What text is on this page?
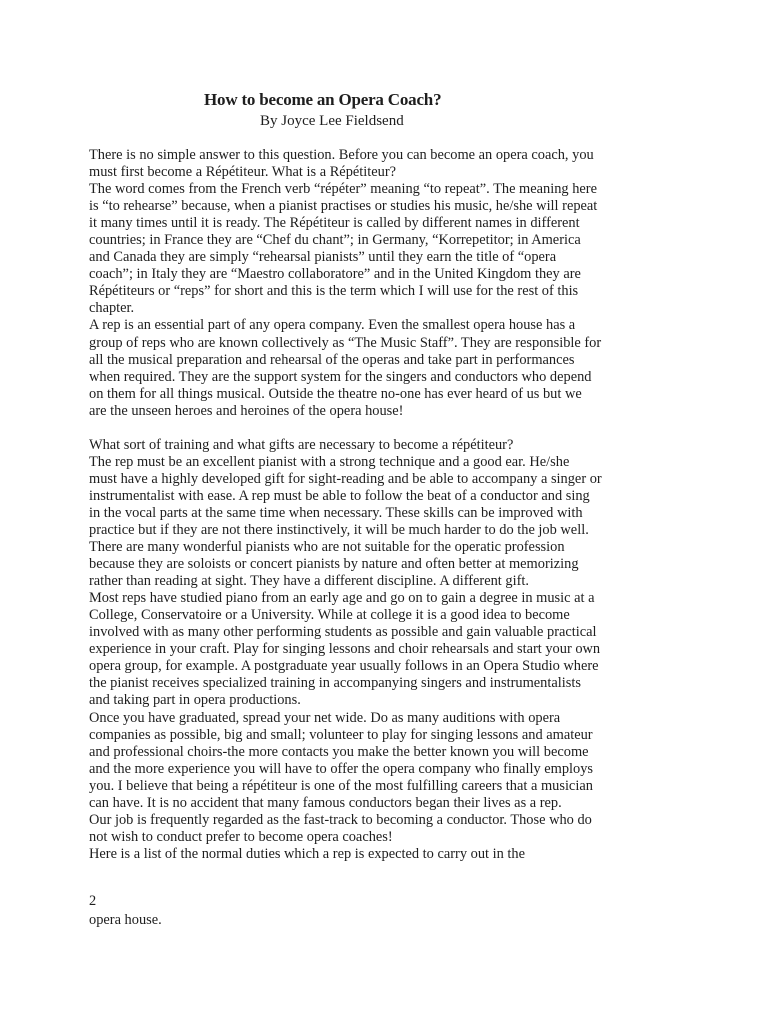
How to become an Opera Coach?
By Joyce Lee Fieldsend
There is no simple answer to this question. Before you can become an opera coach, you
must first become a Répétiteur. What is a Répétiteur?
The word comes from the French verb “répéter” meaning “to repeat”. The meaning here
is “to rehearse” because, when a pianist practises or studies his music, he/she will repeat
it many times until it is ready. The Répétiteur is called by different names in different
countries; in France they are “Chef du chant”; in Germany, “Korrepetitor; in America
and Canada they are simply “rehearsal pianists” until they earn the title of “opera
coach”; in Italy they are “Maestro collaboratore” and in the United Kingdom they are
Répétiteurs or “reps” for short and this is the term which I will use for the rest of this
chapter.
A rep is an essential part of any opera company. Even the smallest opera house has a
group of reps who are known collectively as “The Music Staff”. They are responsible for
all the musical preparation and rehearsal of the operas and take part in performances
when required. They are the support system for the singers and conductors who depend
on them for all things musical. Outside the theatre no-one has ever heard of us but we
are the unseen heroes and heroines of the opera house!
What sort of training and what gifts are necessary to become a répétiteur?
The rep must be an excellent pianist with a strong technique and a good ear. He/she
must have a highly developed gift for sight-reading and be able to accompany a singer or
instrumentalist with ease. A rep must be able to follow the beat of a conductor and sing
in the vocal parts at the same time when necessary. These skills can be improved with
practice but if they are not there instinctively, it will be much harder to do the job well.
There are many wonderful pianists who are not suitable for the operatic profession
because they are soloists or concert pianists by nature and often better at memorizing
rather than reading at sight. They have a different discipline. A different gift.
Most reps have studied piano from an early age and go on to gain a degree in music at a
College, Conservatoire or a University. While at college it is a good idea to become
involved with as many other performing students as possible and gain valuable practical
experience in your craft. Play for singing lessons and choir rehearsals and start your own
opera group, for example. A postgraduate year usually follows in an Opera Studio where
the pianist receives specialized training in accompanying singers and instrumentalists
and taking part in opera productions.
Once you have graduated, spread your net wide. Do as many auditions with opera
companies as possible, big and small; volunteer to play for singing lessons and amateur
and professional choirs-the more contacts you make the better known you will become
and the more experience you will have to offer the opera company who finally employs
you. I believe that being a répétiteur is one of the most fulfilling careers that a musician
can have. It is no accident that many famous conductors began their lives as a rep.
Our job is frequently regarded as the fast-track to becoming a conductor. Those who do
not wish to conduct prefer to become opera coaches!
Here is a list of the normal duties which a rep is expected to carry out in the
2
opera house.
